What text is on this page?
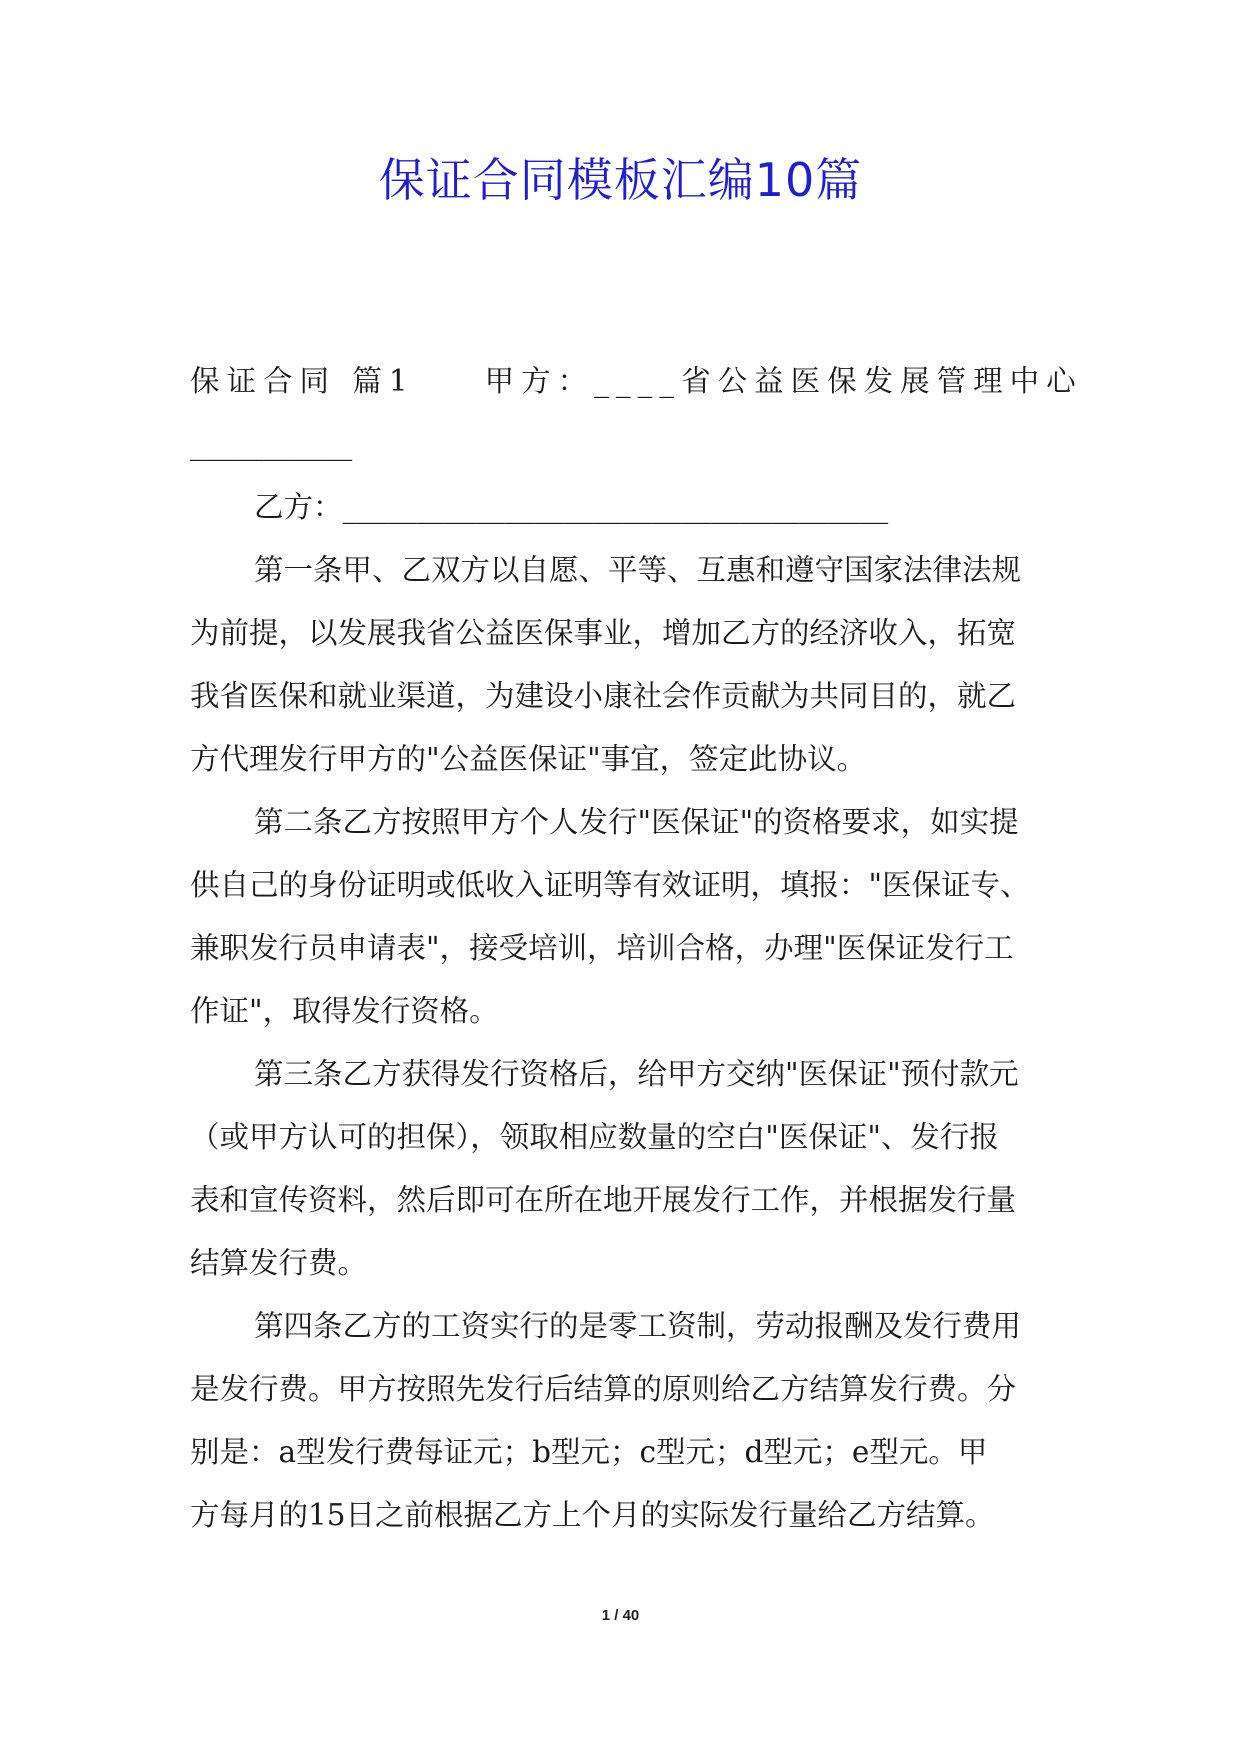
保证合同模板汇编10篇
保证合同 篇1 甲方：____省公益医保发展管理中心
___________
乙方：_____________________________________
第一条甲、乙双方以自愿、平等、互惠和遵守国家法律法规
为前提，以发展我省公益医保事业，增加乙方的经济收入，拓宽
我省医保和就业渠道，为建设小康社会作贡献为共同目的，就乙
方代理发行甲方的"公益医保证"事宜，签定此协议。
第二条乙方按照甲方个人发行"医保证"的资格要求，如实提
供自己的身份证明或低收入证明等有效证明，填报："医保证专、
兼职发行员申请表"，接受培训，培训合格，办理"医保证发行工
作证"，取得发行资格。
第三条乙方获得发行资格后，给甲方交纳"医保证"预付款元
（或甲方认可的担保），领取相应数量的空白"医保证"、发行报
表和宣传资料，然后即可在所在地开展发行工作，并根据发行量
结算发行费。
第四条乙方的工资实行的是零工资制，劳动报酬及发行费用
是发行费。甲方按照先发行后结算的原则给乙方结算发行费。分
别是：a型发行费每证元；b型元；c型元；d型元；e型元。甲
方每月的15日之前根据乙方上个月的实际发行量给乙方结算。
1 / 40
